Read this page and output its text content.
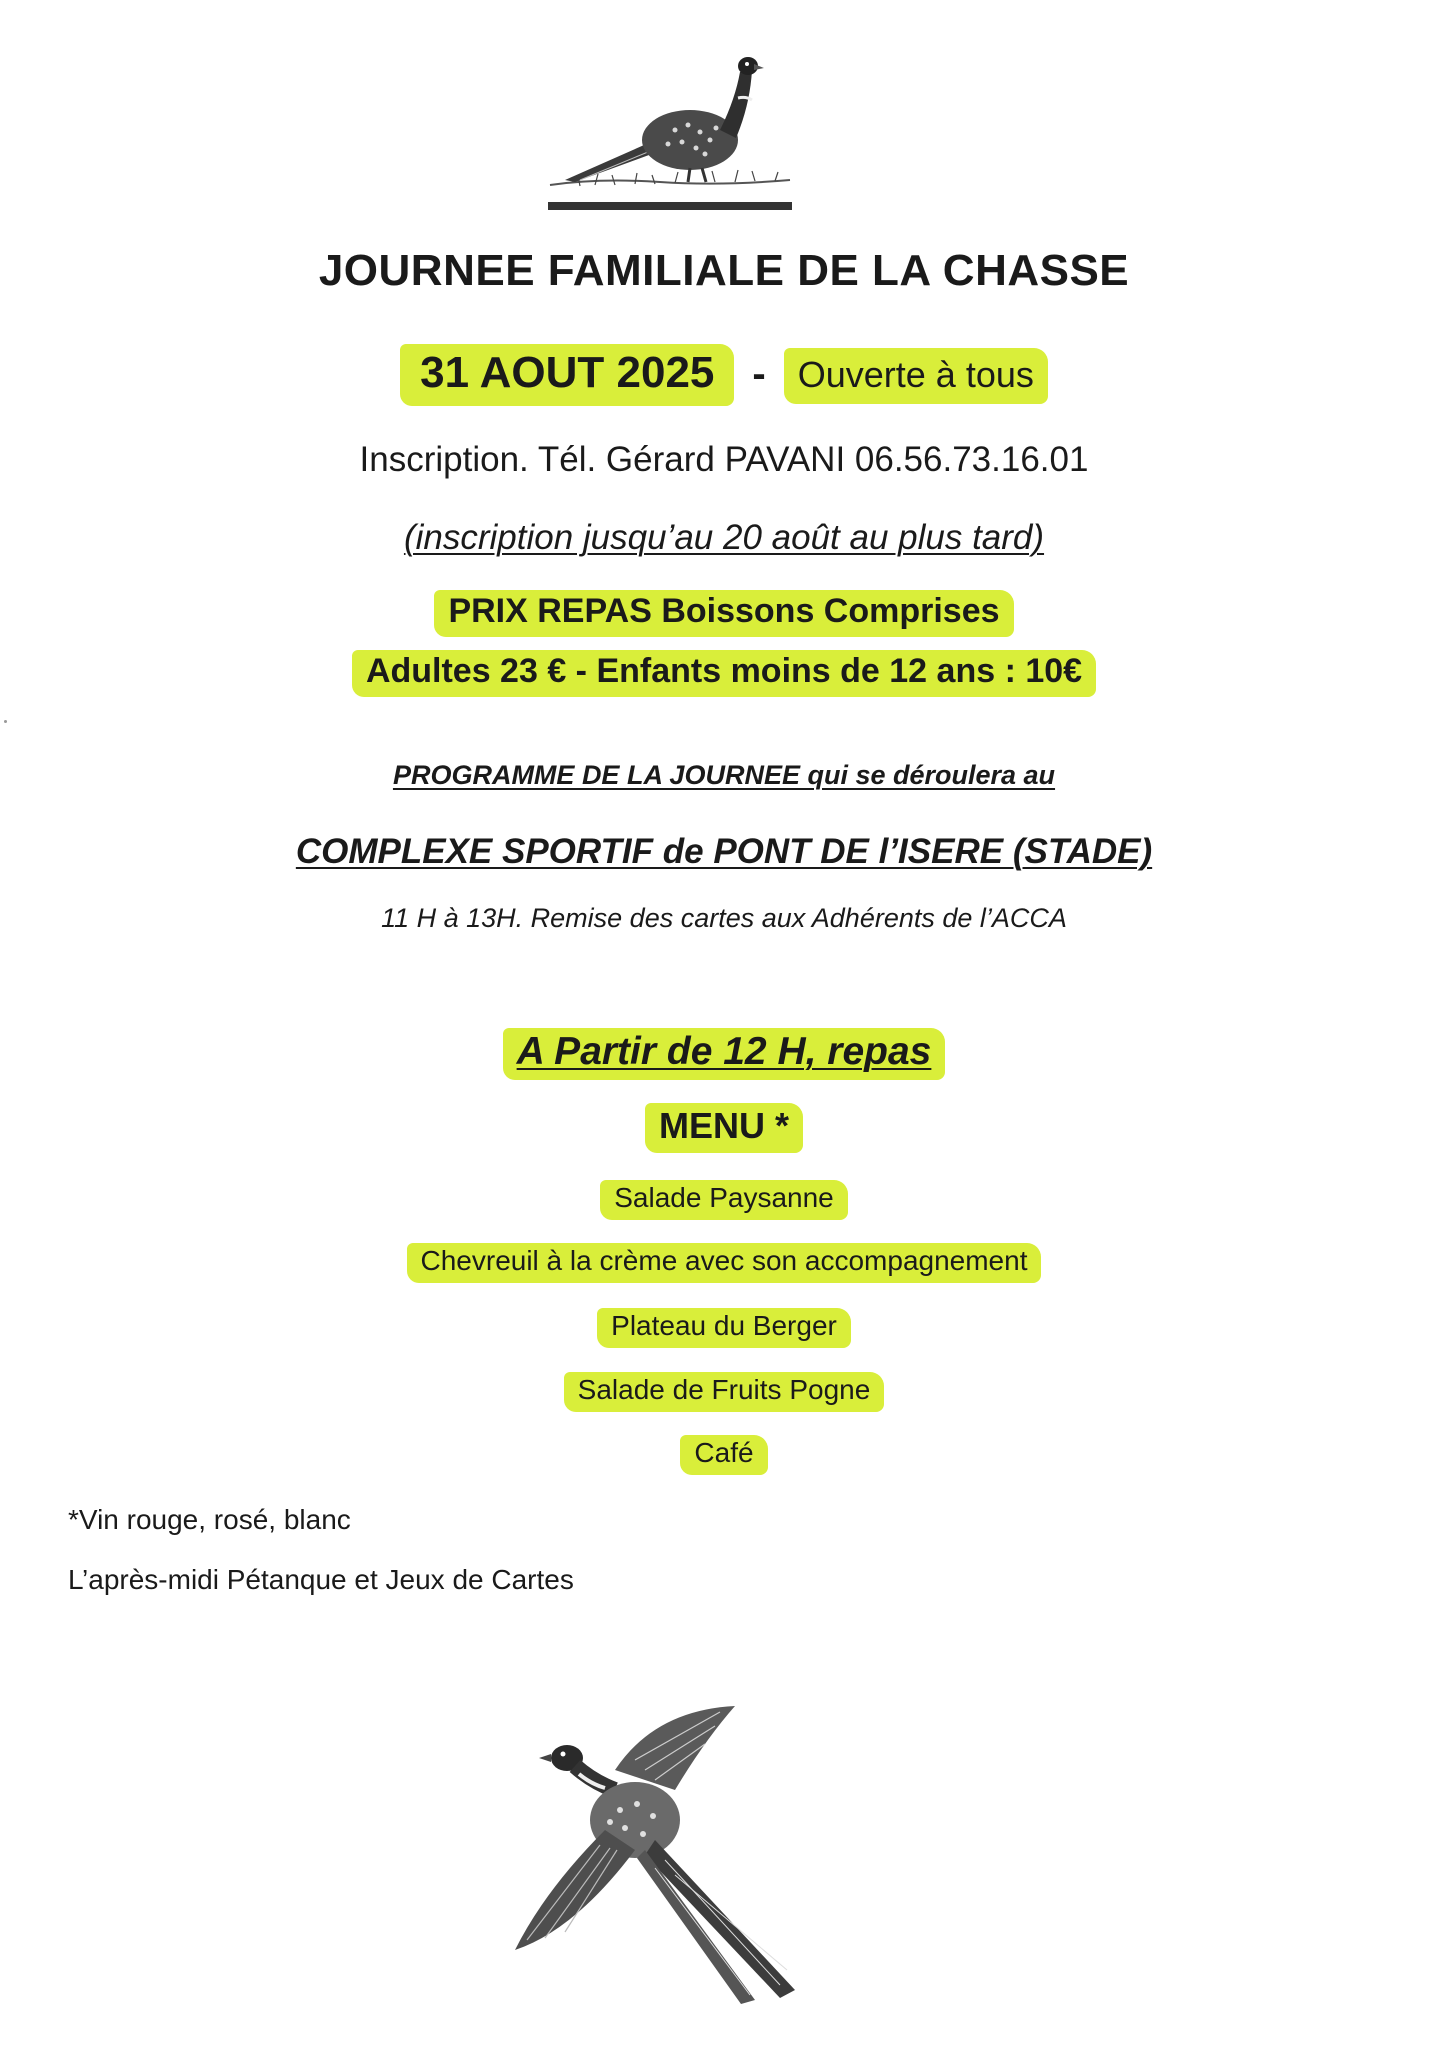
JOURNEE FAMILIALE DE LA CHASSE
31 AOUT 2025 - Ouverte à tous
Inscription. Tél. Gérard PAVANI 06.56.73.16.01
(inscription jusqu’au 20 août au plus tard)
PRIX REPAS Boissons Comprises
Adultes 23 € - Enfants moins de 12 ans : 10€
PROGRAMME DE LA JOURNEE qui se déroulera au
COMPLEXE SPORTIF de PONT DE l’ISERE (STADE)
11 H à 13H. Remise des cartes aux Adhérents de l’ACCA
A Partir de 12 H, repas
MENU *
Salade Paysanne
Chevreuil à la crème avec son accompagnement
Plateau du Berger
Salade de Fruits Pogne
Café
*Vin rouge, rosé, blanc
L’après-midi Pétanque et Jeux de Cartes
